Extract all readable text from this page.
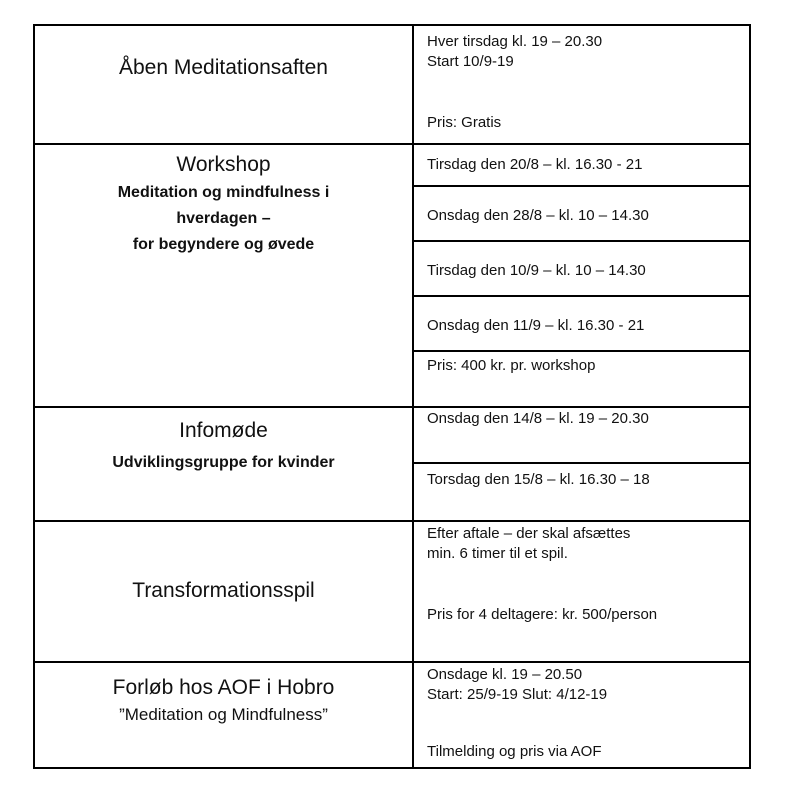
Åben Meditationsaften
Hver tirsdag kl. 19 – 20.30
Start 10/9-19
Pris: Gratis
Workshop
Meditation og mindfulness i
hverdagen –
for begyndere og øvede
Tirsdag den 20/8 – kl. 16.30 - 21
Onsdag den 28/8 – kl. 10 – 14.30
Tirsdag den 10/9 – kl. 10 – 14.30
Onsdag den 11/9 – kl. 16.30 - 21
Pris: 400 kr. pr. workshop
Infomøde
Udviklingsgruppe for kvinder
Onsdag den 14/8 – kl. 19 – 20.30
Torsdag den 15/8 – kl. 16.30 – 18
Transformationsspil
Efter aftale – der skal afsættes
min. 6 timer til et spil.
Pris for 4 deltagere: kr. 500/person
Forløb hos AOF i Hobro
”Meditation og Mindfulness”
Onsdage kl. 19 – 20.50
Start: 25/9-19 Slut: 4/12-19
Tilmelding og pris via AOF
